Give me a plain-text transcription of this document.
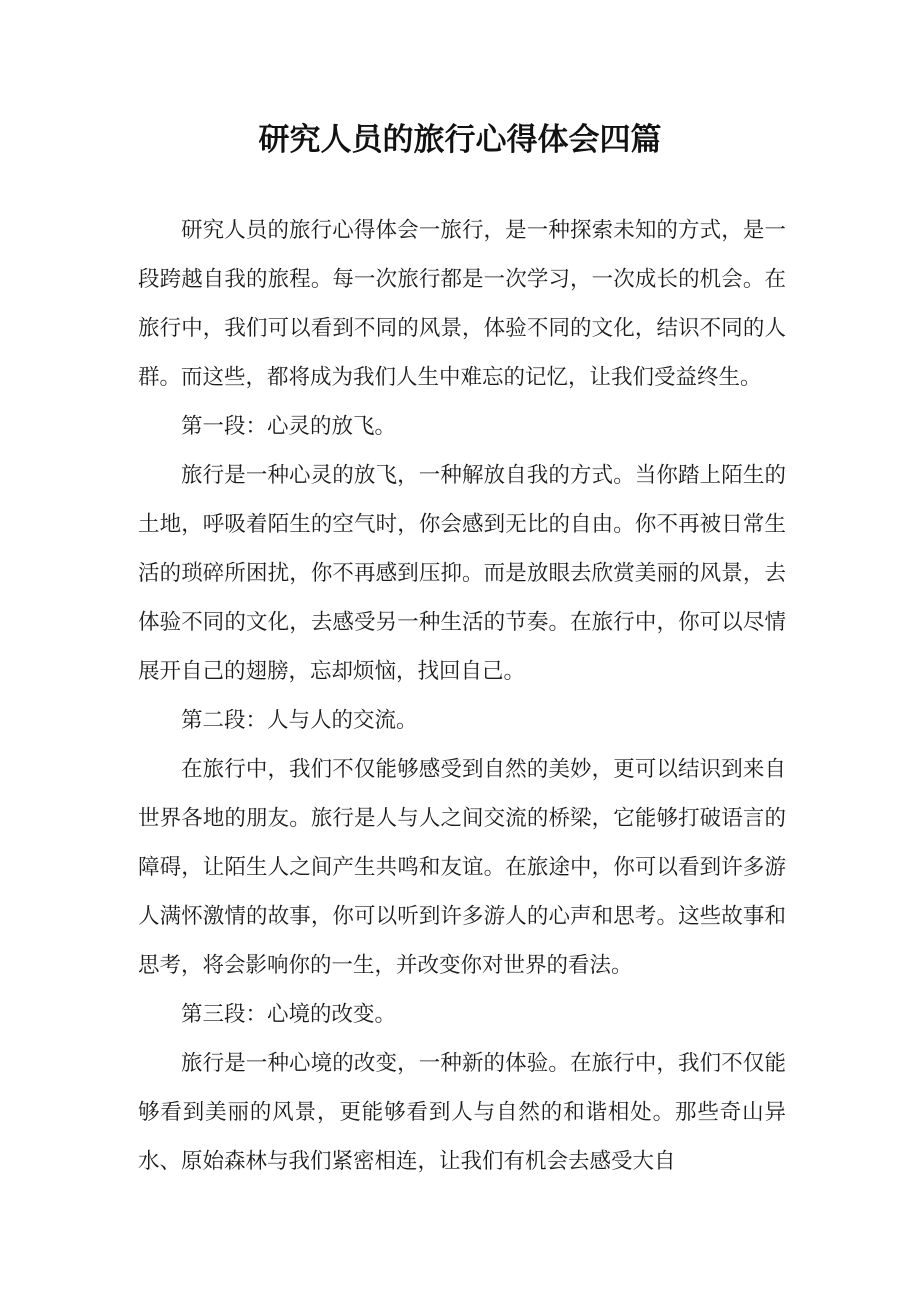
研究人员的旅行心得体会四篇

研究人员的旅行心得体会一旅行，是一种探索未知的方式，是一段跨越自我的旅程。每一次旅行都是一次学习，一次成长的机会。在旅行中，我们可以看到不同的风景，体验不同的文化，结识不同的人群。而这些，都将成为我们人生中难忘的记忆，让我们受益终生。

第一段：心灵的放飞。

旅行是一种心灵的放飞，一种解放自我的方式。当你踏上陌生的土地，呼吸着陌生的空气时，你会感到无比的自由。你不再被日常生活的琐碎所困扰，你不再感到压抑。而是放眼去欣赏美丽的风景，去体验不同的文化，去感受另一种生活的节奏。在旅行中，你可以尽情展开自己的翅膀，忘却烦恼，找回自己。

第二段：人与人的交流。

在旅行中，我们不仅能够感受到自然的美妙，更可以结识到来自世界各地的朋友。旅行是人与人之间交流的桥梁，它能够打破语言的障碍，让陌生人之间产生共鸣和友谊。在旅途中，你可以看到许多游人满怀激情的故事，你可以听到许多游人的心声和思考。这些故事和思考，将会影响你的一生，并改变你对世界的看法。

第三段：心境的改变。

旅行是一种心境的改变，一种新的体验。在旅行中，我们不仅能够看到美丽的风景，更能够看到人与自然的和谐相处。那些奇山异水、原始森林与我们紧密相连，让我们有机会去感受大自
